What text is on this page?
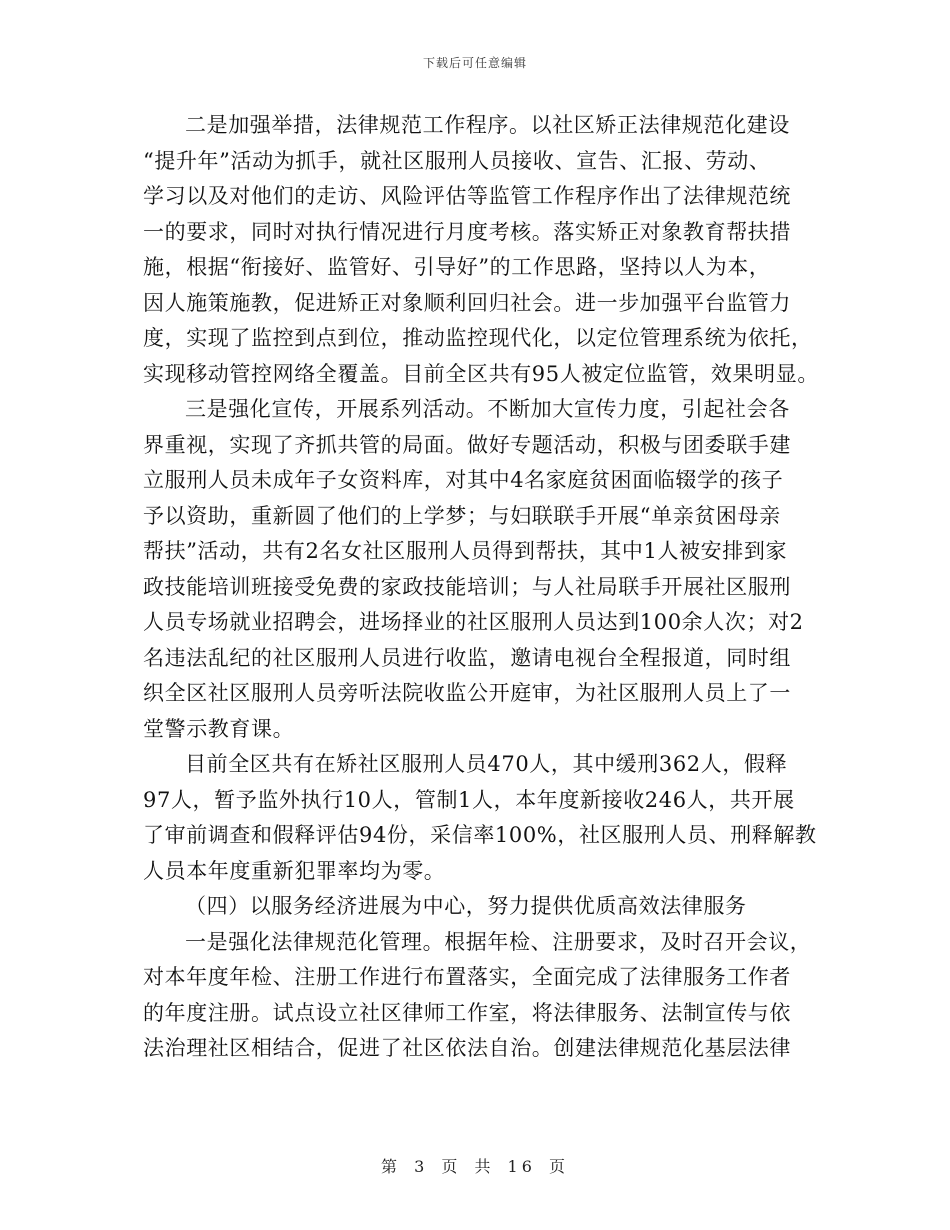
下载后可任意编辑
二是加强举措，法律规范工作程序。以社区矫正法律规范化建设
“提升年”活动为抓手，就社区服刑人员接收、宣告、汇报、劳动、
学习以及对他们的走访、风险评估等监管工作程序作出了法律规范统
一的要求，同时对执行情况进行月度考核。落实矫正对象教育帮扶措
施，根据“衔接好、监管好、引导好”的工作思路，坚持以人为本，
因人施策施教，促进矫正对象顺利回归社会。进一步加强平台监管力
度，实现了监控到点到位，推动监控现代化，以定位管理系统为依托，
实现移动管控网络全覆盖。目前全区共有95人被定位监管，效果明显。
三是强化宣传，开展系列活动。不断加大宣传力度，引起社会各
界重视，实现了齐抓共管的局面。做好专题活动，积极与团委联手建
立服刑人员未成年子女资料库，对其中4名家庭贫困面临辍学的孩子
予以资助，重新圆了他们的上学梦；与妇联联手开展“单亲贫困母亲
帮扶”活动，共有2名女社区服刑人员得到帮扶，其中1人被安排到家
政技能培训班接受免费的家政技能培训；与人社局联手开展社区服刑
人员专场就业招聘会，进场择业的社区服刑人员达到100余人次；对2
名违法乱纪的社区服刑人员进行收监，邀请电视台全程报道，同时组
织全区社区服刑人员旁听法院收监公开庭审，为社区服刑人员上了一
堂警示教育课。
目前全区共有在矫社区服刑人员470人，其中缓刑362人，假释
97人，暂予监外执行10人，管制1人，本年度新接收246人，共开展
了审前调查和假释评估94份，采信率100%，社区服刑人员、刑释解教
人员本年度重新犯罪率均为零。
（四）以服务经济进展为中心，努力提供优质高效法律服务
一是强化法律规范化管理。根据年检、注册要求，及时召开会议，
对本年度年检、注册工作进行布置落实，全面完成了法律服务工作者
的年度注册。试点设立社区律师工作室，将法律服务、法制宣传与依
法治理社区相结合，促进了社区依法自治。创建法律规范化基层法律
第 3 页 共 16 页
